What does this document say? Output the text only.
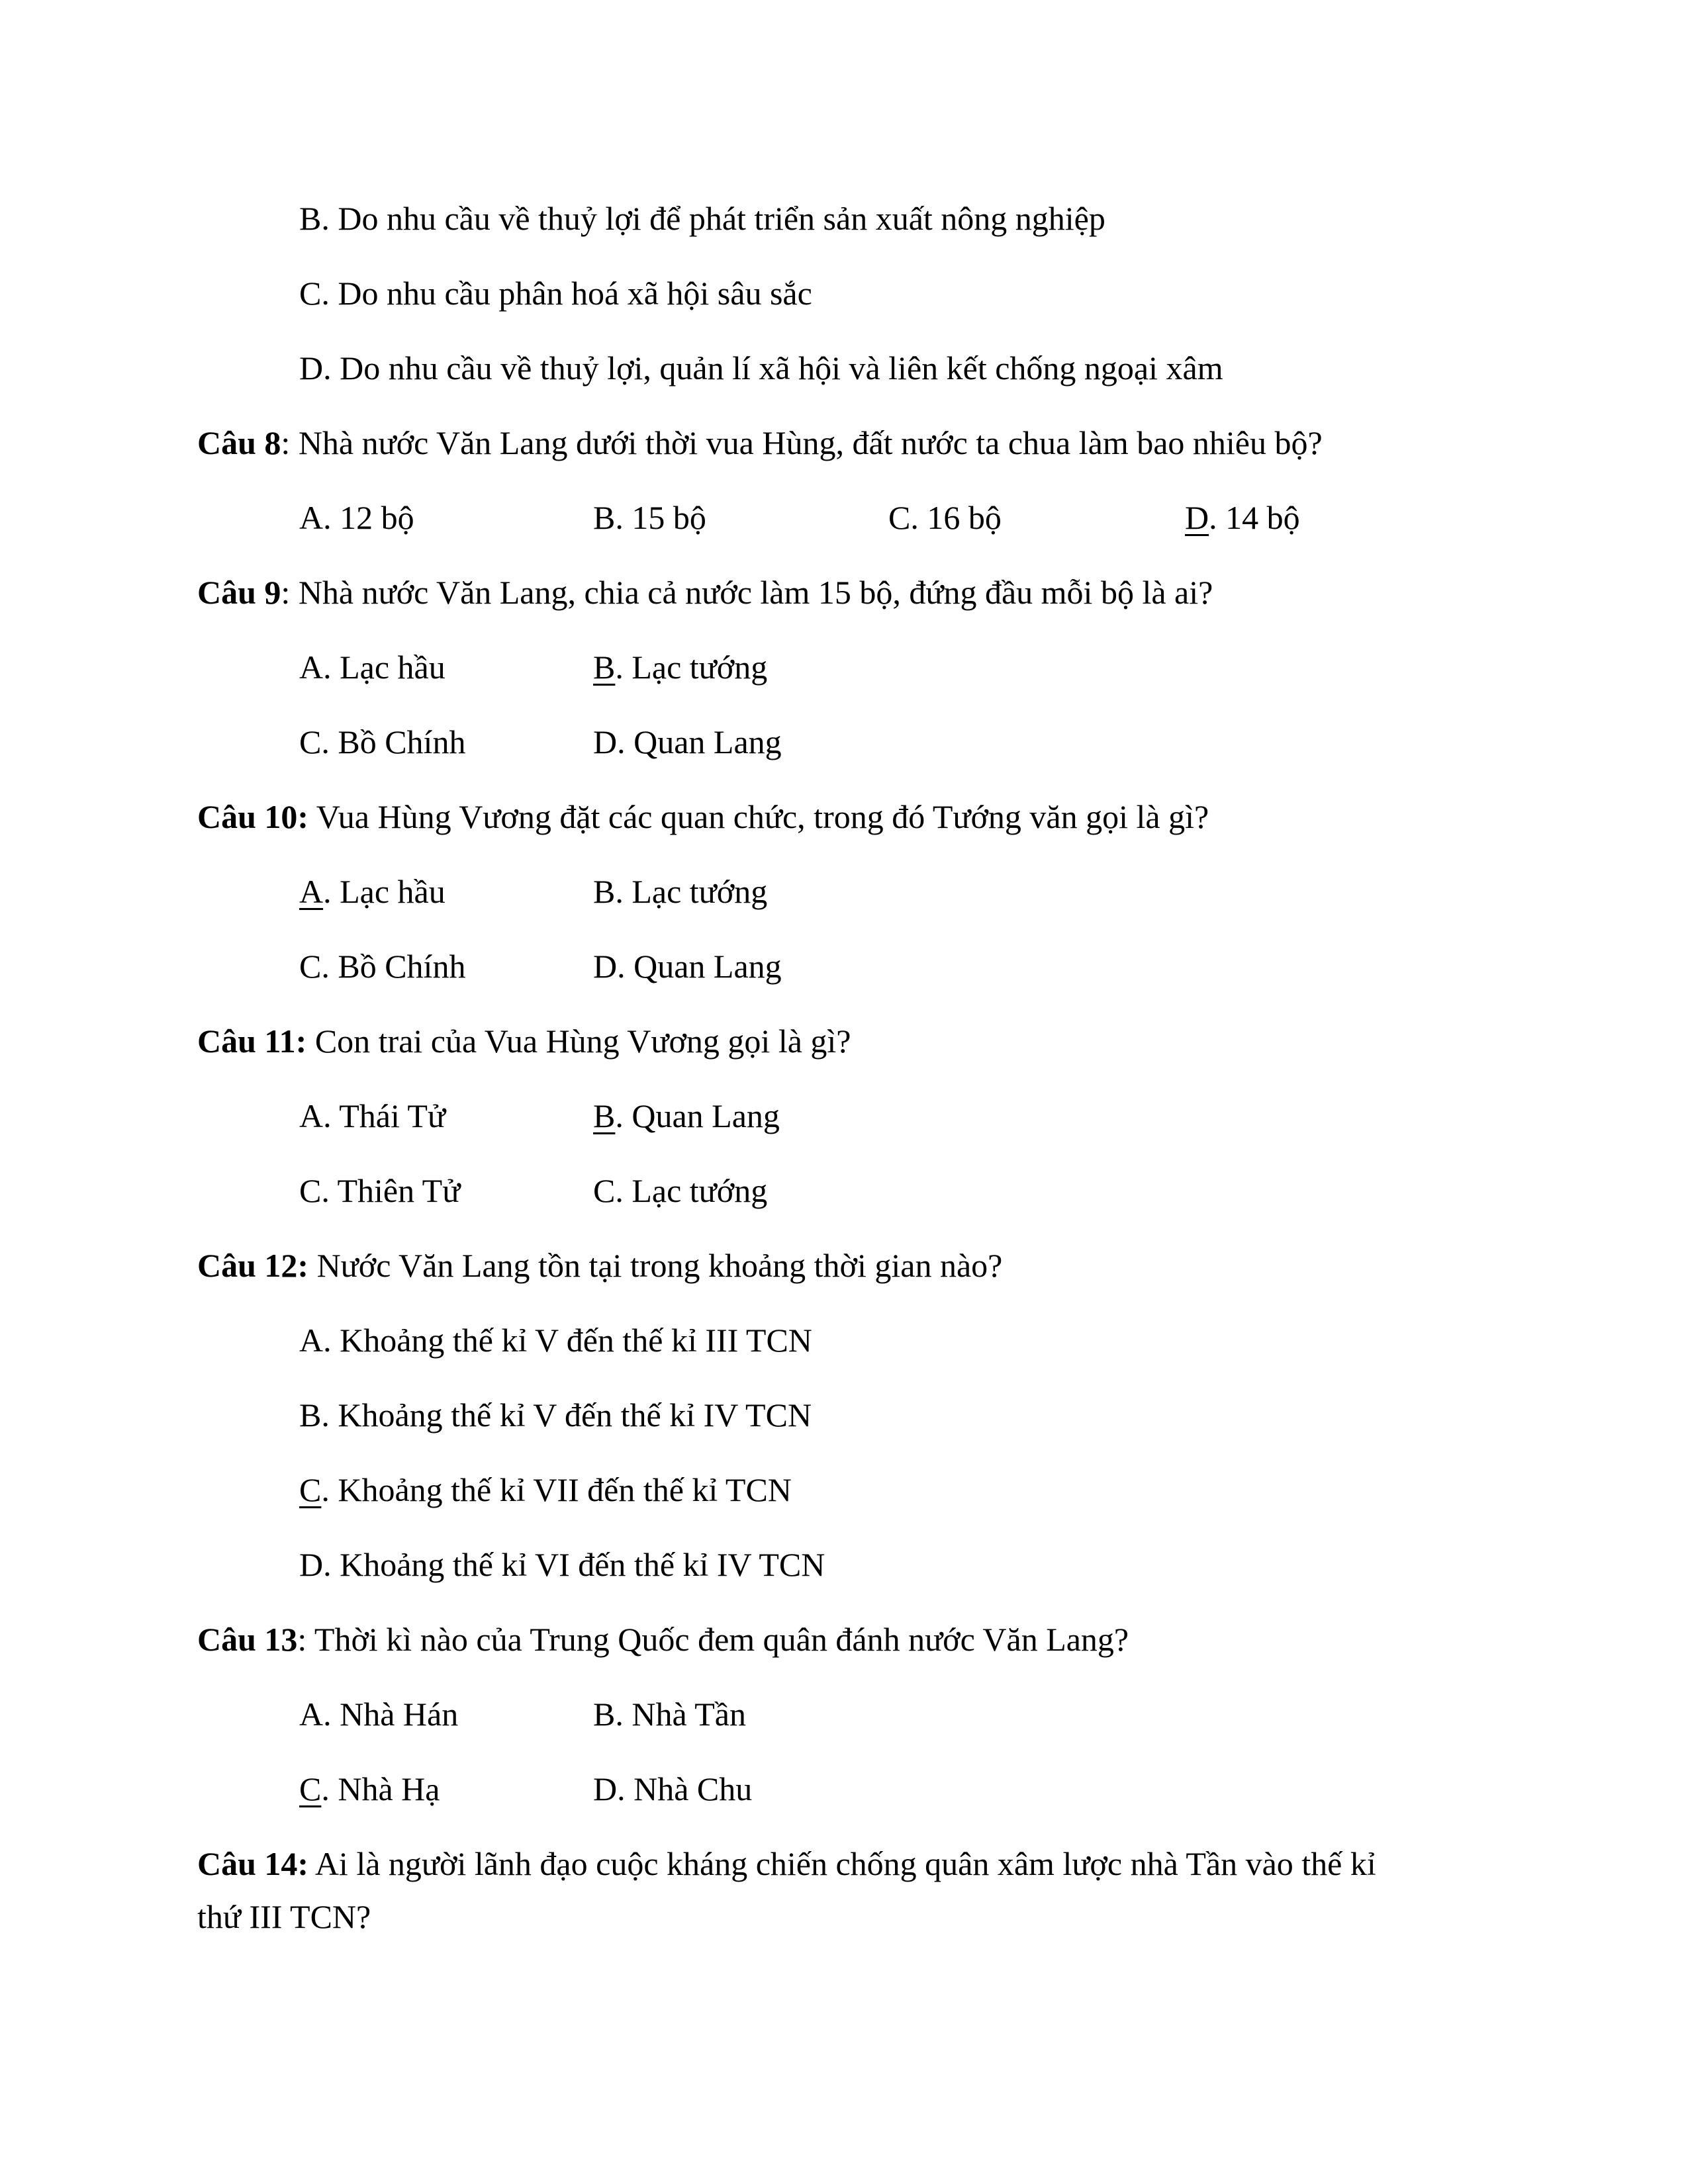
B. Do nhu cầu về thuỷ lợi để phát triển sản xuất nông nghiệp
C. Do nhu cầu phân hoá xã hội sâu sắc
D. Do nhu cầu về thuỷ lợi, quản lí xã hội và liên kết chống ngoại xâm
Câu 8: Nhà nước Văn Lang dưới thời vua Hùng, đất nước ta chua làm bao nhiêu bộ?
A. 12 bộ	B. 15 bộ	C. 16 bộ	D. 14 bộ
Câu 9: Nhà nước Văn Lang, chia cả nước làm 15 bộ, đứng đầu mỗi bộ là ai?
A. Lạc hầu	B. Lạc tướng
C. Bồ Chính	D. Quan Lang
Câu 10: Vua Hùng Vương đặt các quan chức, trong đó Tướng văn gọi là gì?
A. Lạc hầu	B. Lạc tướng
C. Bồ Chính	D. Quan Lang
Câu 11: Con trai của Vua Hùng Vương gọi là gì?
A. Thái Tử	B. Quan Lang
C. Thiên Tử	C. Lạc tướng
Câu 12: Nước Văn Lang tồn tại trong khoảng thời gian nào?
A. Khoảng thế kỉ V đến thế kỉ III TCN
B. Khoảng thế kỉ V đến thế kỉ IV TCN
C. Khoảng thế kỉ VII đến thế kỉ TCN
D. Khoảng thế kỉ VI đến thế kỉ IV TCN
Câu 13: Thời kì nào của Trung Quốc đem quân đánh nước Văn Lang?
A. Nhà Hán	B. Nhà Tần
C. Nhà Hạ	D. Nhà Chu
Câu 14: Ai là người lãnh đạo cuộc kháng chiến chống quân xâm lược nhà Tần vào thế kỉ
thứ III TCN?
